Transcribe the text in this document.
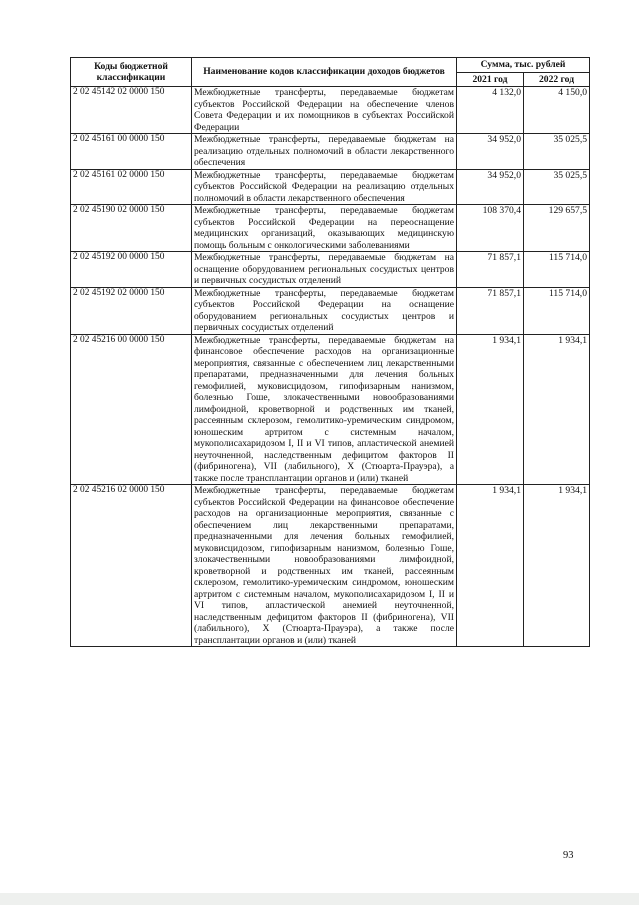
Коды бюджетной классификации	Наименование кодов классификации доходов бюджетов	Сумма, тыс. рублей	
		2021 год	2022 год
2 02 45142 02 0000 150	Межбюджетные трансферты, передаваемые бюджетам субъектов Российской Федерации на обеспечение членов Совета Федерации и их помощников в субъектах Российской Федерации	4 132,0	4 150,0
2 02 45161 00 0000 150	Межбюджетные трансферты, передаваемые бюджетам на реализацию отдельных полномочий в области лекарственного обеспечения	34 952,0	35 025,5
2 02 45161 02 0000 150	Межбюджетные трансферты, передаваемые бюджетам субъектов Российской Федерации на реализацию отдельных полномочий в области лекарственного обеспечения	34 952,0	35 025,5
2 02 45190 02 0000 150	Межбюджетные трансферты, передаваемые бюджетам субъектов Российской Федерации на переоснащение медицинских организаций, оказывающих медицинскую помощь больным с онкологическими заболеваниями	108 370,4	129 657,5
2 02 45192 00 0000 150	Межбюджетные трансферты, передаваемые бюджетам на оснащение оборудованием региональных сосудистых центров и первичных сосудистых отделений	71 857,1	115 714,0
2 02 45192 02 0000 150	Межбюджетные трансферты, передаваемые бюджетам субъектов Российской Федерации на оснащение оборудованием региональных сосудистых центров и первичных сосудистых отделений	71 857,1	115 714,0
2 02 45216 00 0000 150	Межбюджетные трансферты, передаваемые бюджетам на финансовое обеспечение расходов на организационные мероприятия, связанные с обеспечением лиц лекарственными препаратами, предназначенными для лечения больных гемофилией, муковисцидозом, гипофизарным нанизмом, болезнью Гоше, злокачественными новообразованиями лимфоидной, кроветворной и родственных им тканей, рассеянным склерозом, гемолитико-уремическим синдромом, юношеским артритом с системным началом, мукополисахаридозом I, II и VI типов, апластической анемией неуточненной, наследственным дефицитом факторов II (фибриногена), VII (лабильного), X (Стюарта-Прауэра), а также после трансплантации органов и (или) тканей	1 934,1	1 934,1
2 02 45216 02 0000 150	Межбюджетные трансферты, передаваемые бюджетам субъектов Российской Федерации на финансовое обеспечение расходов на организационные мероприятия, связанные с обеспечением лиц лекарственными препаратами, предназначенными для лечения больных гемофилией, муковисцидозом, гипофизарным нанизмом, болезнью Гоше, злокачественными новообразованиями лимфоидной, кроветворной и родственных им тканей, рассеянным склерозом, гемолитико-уремическим синдромом, юношеским артритом с системным началом, мукополисахаридозом I, II и VI типов, апластической анемией неуточненной, наследственным дефицитом факторов II (фибриногена), VII (лабильного), X (Стюарта-Прауэра), а также после трансплантации органов и (или) тканей	1 934,1	1 934,1
93
